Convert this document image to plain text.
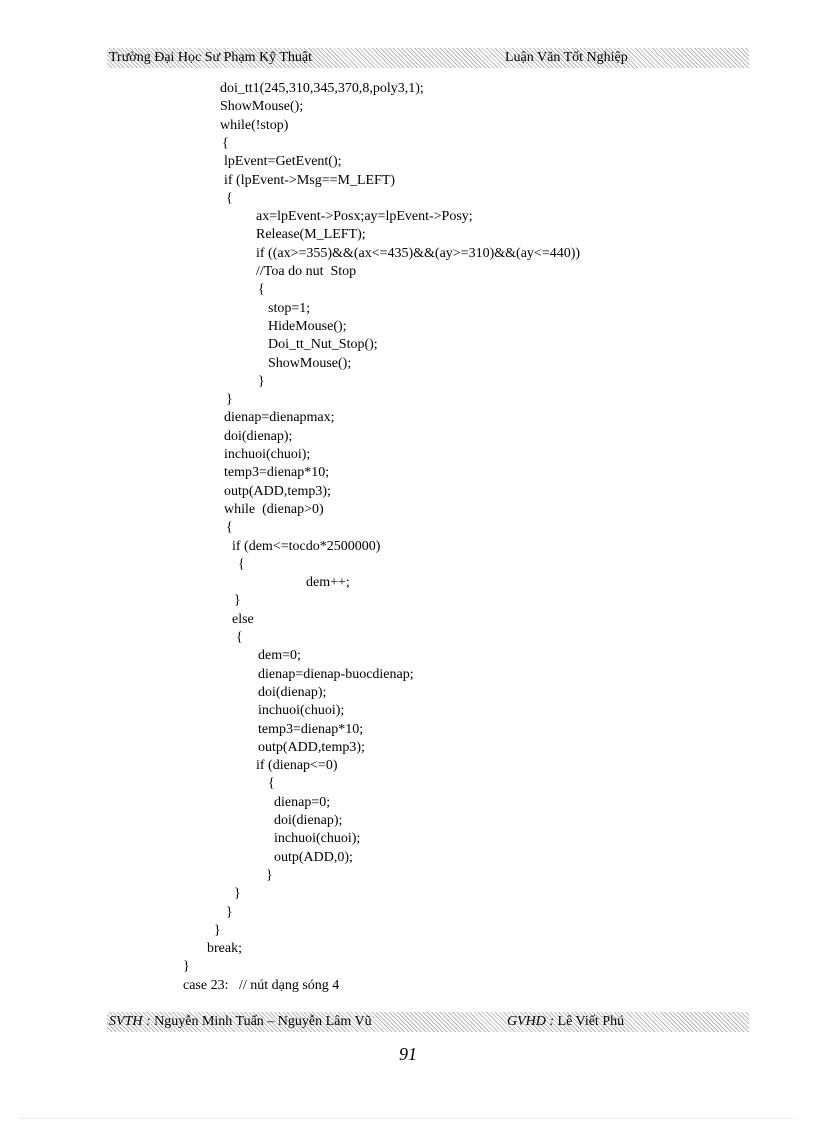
Trường Đại Học Sư Phạm Kỹ Thuật	Luận Văn Tốt Nghiệp
doi_tt1(245,310,345,370,8,poly3,1);
ShowMouse();
while(!stop)
{
lpEvent=GetEvent();
if (lpEvent->Msg==M_LEFT)
{
ax=lpEvent->Posx;ay=lpEvent->Posy;
Release(M_LEFT);
if ((ax>=355)&&(ax<=435)&&(ay>=310)&&(ay<=440))
//Toa do nut  Stop
{
stop=1;
HideMouse();
Doi_tt_Nut_Stop();
ShowMouse();
}
}
dienap=dienapmax;
doi(dienap);
inchuoi(chuoi);
temp3=dienap*10;
outp(ADD,temp3);
while  (dienap>0)
{
if (dem<=tocdo*2500000)
{
dem++;
}
else
{
dem=0;
dienap=dienap-buocdienap;
doi(dienap);
inchuoi(chuoi);
temp3=dienap*10;
outp(ADD,temp3);
if (dienap<=0)
{
dienap=0;
doi(dienap);
inchuoi(chuoi);
outp(ADD,0);
}
}
}
}
break;
}
case 23:   // nút dạng sóng 4
SVTH : Nguyễn Minh Tuấn – Nguyễn Lâm Vũ	GVHD : Lê Viết Phú
91
